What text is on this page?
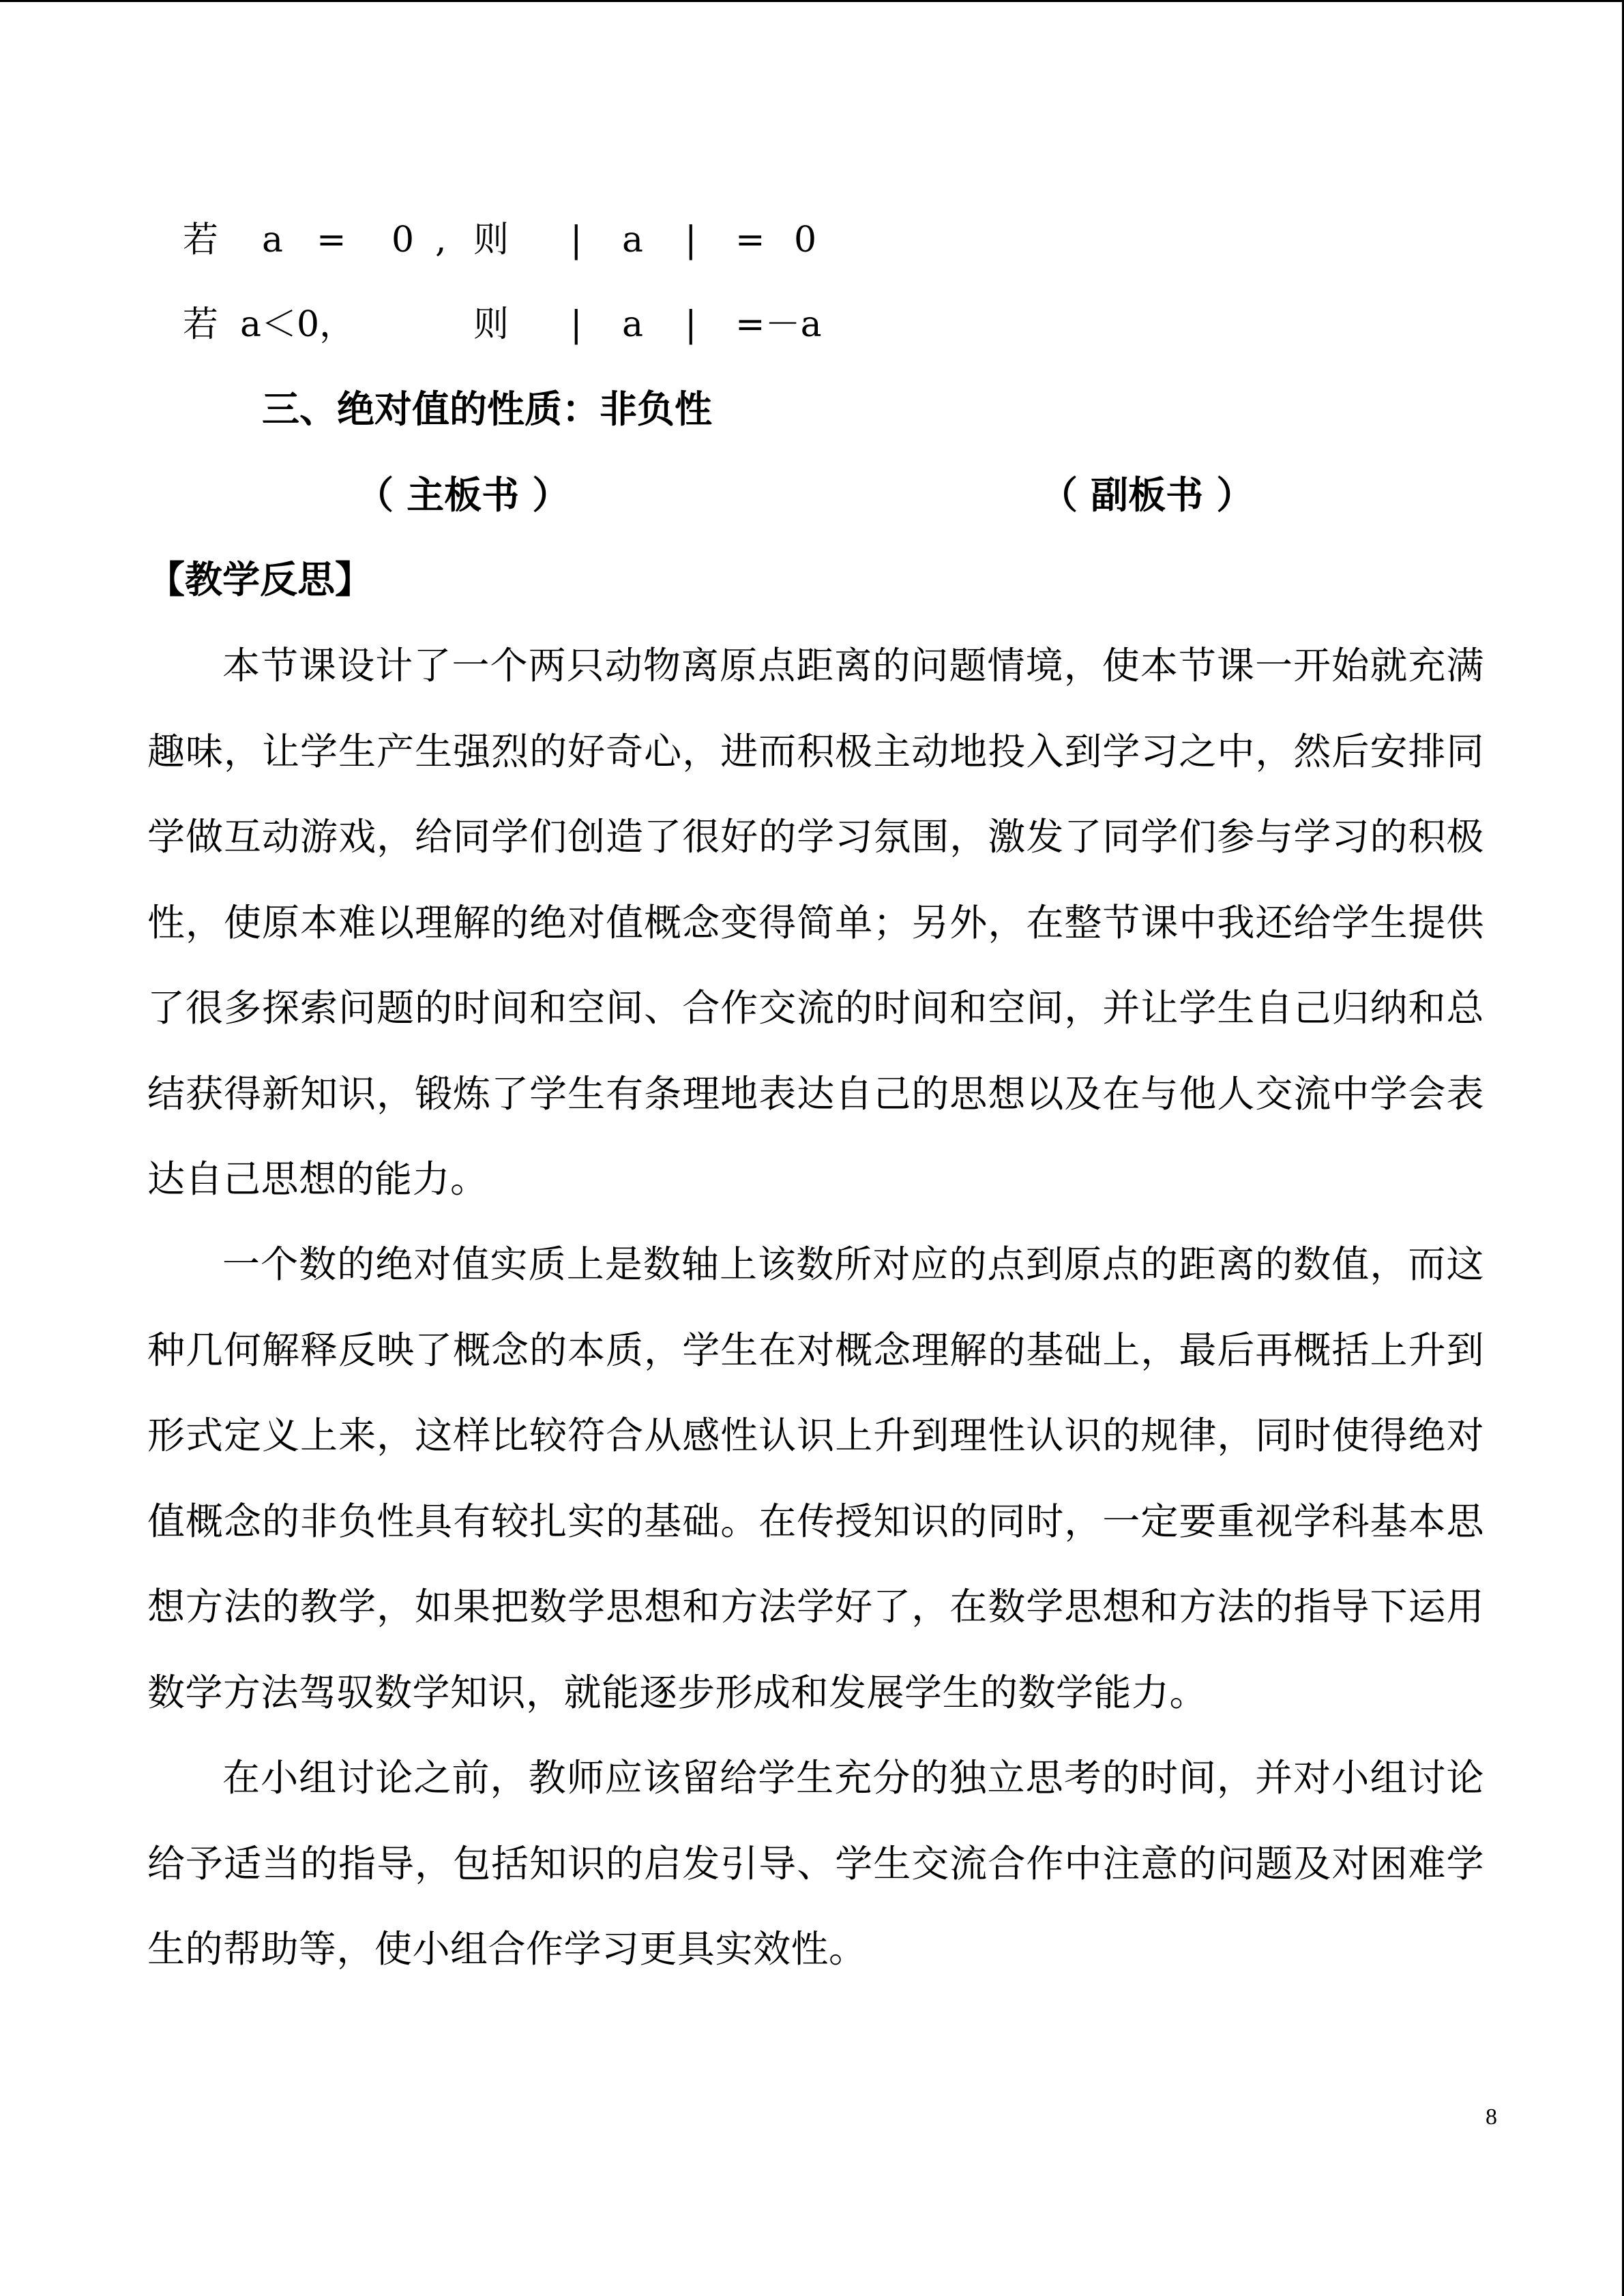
若

a

=

0

,

则

|

a

|

=

0

若

a＜0，

	则

|

a

|

=－a

三、绝对值的性质：非负性
（ 主板书 ）	（ 副板书 ）
【教学反思】

本节课设计了一个两只动物离原点距离的问题情境，使本节课一开始就充满趣味，让学生产生强烈的好奇心，进而积极主动地投入到学习之中，然后安排同学做互动游戏，给同学们创造了很好的学习氛围，激发了同学们参与学习的积极性，使原本难以理解的绝对值概念变得简单；另外，在整节课中我还给学生提供了很多探索问题的时间和空间、合作交流的时间和空间，并让学生自己归纳和总结获得新知识，锻炼了学生有条理地表达自己的思想以及在与他人交流中学会表达自己思想的能力。

一个数的绝对值实质上是数轴上该数所对应的点到原点的距离的数值，而这种几何解释反映了概念的本质，学生在对概念理解的基础上，最后再概括上升到形式定义上来，这样比较符合从感性认识上升到理性认识的规律，同时使得绝对值概念的非负性具有较扎实的基础。在传授知识的同时，一定要重视学科基本思想方法的教学，如果把数学思想和方法学好了，在数学思想和方法的指导下运用数学方法驾驭数学知识，就能逐步形成和发展学生的数学能力。

在小组讨论之前，教师应该留给学生充分的独立思考的时间，并对小组讨论给予适当的指导，包括知识的启发引导、学生交流合作中注意的问题及对困难学生的帮助等，使小组合作学习更具实效性。

8
